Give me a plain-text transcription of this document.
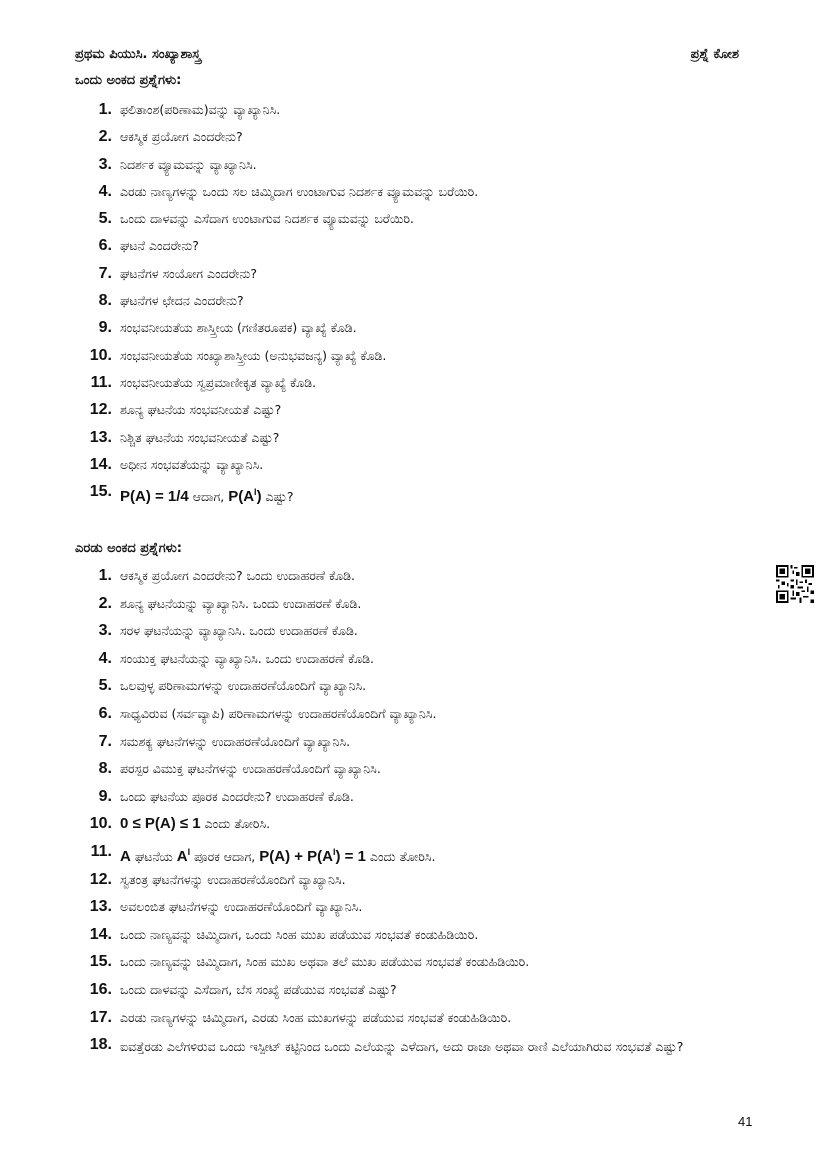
ಪ್ರಥಮ ಪಿಯುಸಿ. ಸಂಖ್ಯಾಶಾಸ್ತ್ರ	ಪ್ರಶ್ನೆ ಕೋಶ
ಒಂದು ಅಂಕದ ಪ್ರಶ್ನೆಗಳು:
1. ಫಲಿತಾಂಶ(ಪರಿಣಾಮ)ವನ್ನು ವ್ಯಾಖ್ಯಾನಿಸಿ.
2. ಆಕಸ್ಮಿಕ ಪ್ರಯೋಗ ಎಂದರೇನು?
3. ನಿದರ್ಶಕ ವ್ಯೂಮವನ್ನು ವ್ಯಾಖ್ಯಾನಿಸಿ.
4. ಎರಡು ನಾಣ್ಯಗಳನ್ನು ಒಂದು ಸಲ ಚಿಮ್ಮಿದಾಗ ಉಂಟಾಗುವ ನಿದರ್ಶಕ ವ್ಯೂಮವನ್ನು ಬರೆಯಿರಿ.
5. ಒಂದು ದಾಳವನ್ನು ಎಸೆದಾಗ ಉಂಟಾಗುವ ನಿದರ್ಶಕ ವ್ಯೂಮವನ್ನು ಬರೆಯಿರಿ.
6. ಘಟನೆ ಎಂದರೇನು?
7. ಘಟನೆಗಳ ಸಂಯೋಗ ಎಂದರೇನು?
8. ಘಟನೆಗಳ ಛೇದನ ಎಂದರೇನು?
9. ಸಂಭವನೀಯತೆಯ ಶಾಸ್ತ್ರೀಯ (ಗಣಿತರೂಪಕ) ವ್ಯಾಖ್ಯೆ ಕೊಡಿ.
10. ಸಂಭವನೀಯತೆಯ ಸಂಖ್ಯಾಶಾಸ್ತ್ರೀಯ (ಅನುಭವಜನ್ಯ) ವ್ಯಾಖ್ಯೆ ಕೊಡಿ.
11. ಸಂಭವನೀಯತೆಯ ಸ್ವಪ್ರಮಾಣೀಕೃತ ವ್ಯಾಖ್ಯೆ ಕೊಡಿ.
12. ಶೂನ್ಯ ಘಟನೆಯ ಸಂಭವನೀಯತೆ ಎಷ್ಟು?
13. ನಿಶ್ಚಿತ ಘಟನೆಯ ಸಂಭವನೀಯತೆ ಎಷ್ಟು?
14. ಅಧೀನ ಸಂಭವತೆಯನ್ನು ವ್ಯಾಖ್ಯಾನಿಸಿ.
15. P(A) = 1/4 ಆದಾಗ, $P(A^I)$ ಎಷ್ಟು?
ಎರಡು ಅಂಕದ ಪ್ರಶ್ನೆಗಳು:
1. ಆಕಸ್ಮಿಕ ಪ್ರಯೋಗ ಎಂದರೇನು? ಒಂದು ಉದಾಹರಣೆ ಕೊಡಿ.
2. ಶೂನ್ಯ ಘಟನೆಯನ್ನು ವ್ಯಾಖ್ಯಾನಿಸಿ. ಒಂದು ಉದಾಹರಣೆ ಕೊಡಿ.
3. ಸರಳ ಘಟನೆಯನ್ನು ವ್ಯಾಖ್ಯಾನಿಸಿ. ಒಂದು ಉದಾಹರಣೆ ಕೊಡಿ.
4. ಸಂಯುಕ್ತ ಘಟನೆಯನ್ನು ವ್ಯಾಖ್ಯಾನಿಸಿ. ಒಂದು ಉದಾಹರಣೆ ಕೊಡಿ.
5. ಒಲವುಳ್ಳ ಪರಿಣಾಮಗಳನ್ನು ಉದಾಹರಣೆಯೊಂದಿಗೆ ವ್ಯಾಖ್ಯಾನಿಸಿ.
6. ಸಾಧ್ಯವಿರುವ (ಸರ್ವವ್ಯಾಪಿ) ಪರಿಣಾಮಗಳನ್ನು ಉದಾಹರಣೆಯೊಂದಿಗೆ ವ್ಯಾಖ್ಯಾನಿಸಿ.
7. ಸಮಶಕ್ಯ ಘಟನೆಗಳನ್ನು ಉದಾಹರಣೆಯೊಂದಿಗೆ ವ್ಯಾಖ್ಯಾನಿಸಿ.
8. ಪರಸ್ಪರ ವಿಮುಕ್ತ ಘಟನೆಗಳನ್ನು ಉದಾಹರಣೆಯೊಂದಿಗೆ ವ್ಯಾಖ್ಯಾನಿಸಿ.
9. ಒಂದು ಘಟನೆಯ ಪೂರಕ ಎಂದರೇನು? ಉದಾಹರಣೆ ಕೊಡಿ.
10. 0 ≤ P(A) ≤ 1 ಎಂದು ತೋರಿಸಿ.
11. A ಘಟನೆಯ $A^I$ ಪೂರಕ ಆದಾಗ, $P(A) + P(A^I) = 1$ ಎಂದು ತೋರಿಸಿ.
12. ಸ್ವತಂತ್ರ ಘಟನೆಗಳನ್ನು ಉದಾಹರಣೆಯೊಂದಿಗೆ ವ್ಯಾಖ್ಯಾನಿಸಿ.
13. ಅವಲಂಬಿತ ಘಟನೆಗಳನ್ನು ಉದಾಹರಣೆಯೊಂದಿಗೆ ವ್ಯಾಖ್ಯಾನಿಸಿ.
14. ಒಂದು ನಾಣ್ಯವನ್ನು ಚಿಮ್ಮಿದಾಗ, ಒಂದು ಸಿಂಹ ಮುಖ ಪಡೆಯುವ ಸಂಭವತೆ ಕಂಡುಹಿಡಿಯಿರಿ.
15. ಒಂದು ನಾಣ್ಯವನ್ನು ಚಿಮ್ಮಿದಾಗ, ಸಿಂಹ ಮುಖ ಅಥವಾ ತಲೆ ಮುಖ ಪಡೆಯುವ ಸಂಭವತೆ ಕಂಡುಹಿಡಿಯಿರಿ.
16. ಒಂದು ದಾಳವನ್ನು ಎಸೆದಾಗ, ಬೆಸ ಸಂಖ್ಯೆ ಪಡೆಯುವ ಸಂಭವತೆ ಎಷ್ಟು?
17. ಎರಡು ನಾಣ್ಯಗಳನ್ನು ಚಿಮ್ಮಿದಾಗ, ಎರಡು ಸಿಂಹ ಮುಖಗಳನ್ನು ಪಡೆಯುವ ಸಂಭವತೆ ಕಂಡುಹಿಡಿಯಿರಿ.
18. ಐವತ್ತೆರಡು ಎಲೆಗಳಿರುವ ಒಂದು ಇಸ್ಪೀಟ್ ಕಟ್ಟಿನಿಂದ ಒಂದು ಎಲೆಯನ್ನು ಎಳೆದಾಗ, ಅದು ರಾಜಾ ಅಥವಾ ರಾಣಿ ಎಲೆಯಾಗಿರುವ ಸಂಭವತೆ ಎಷ್ಟು?
41
